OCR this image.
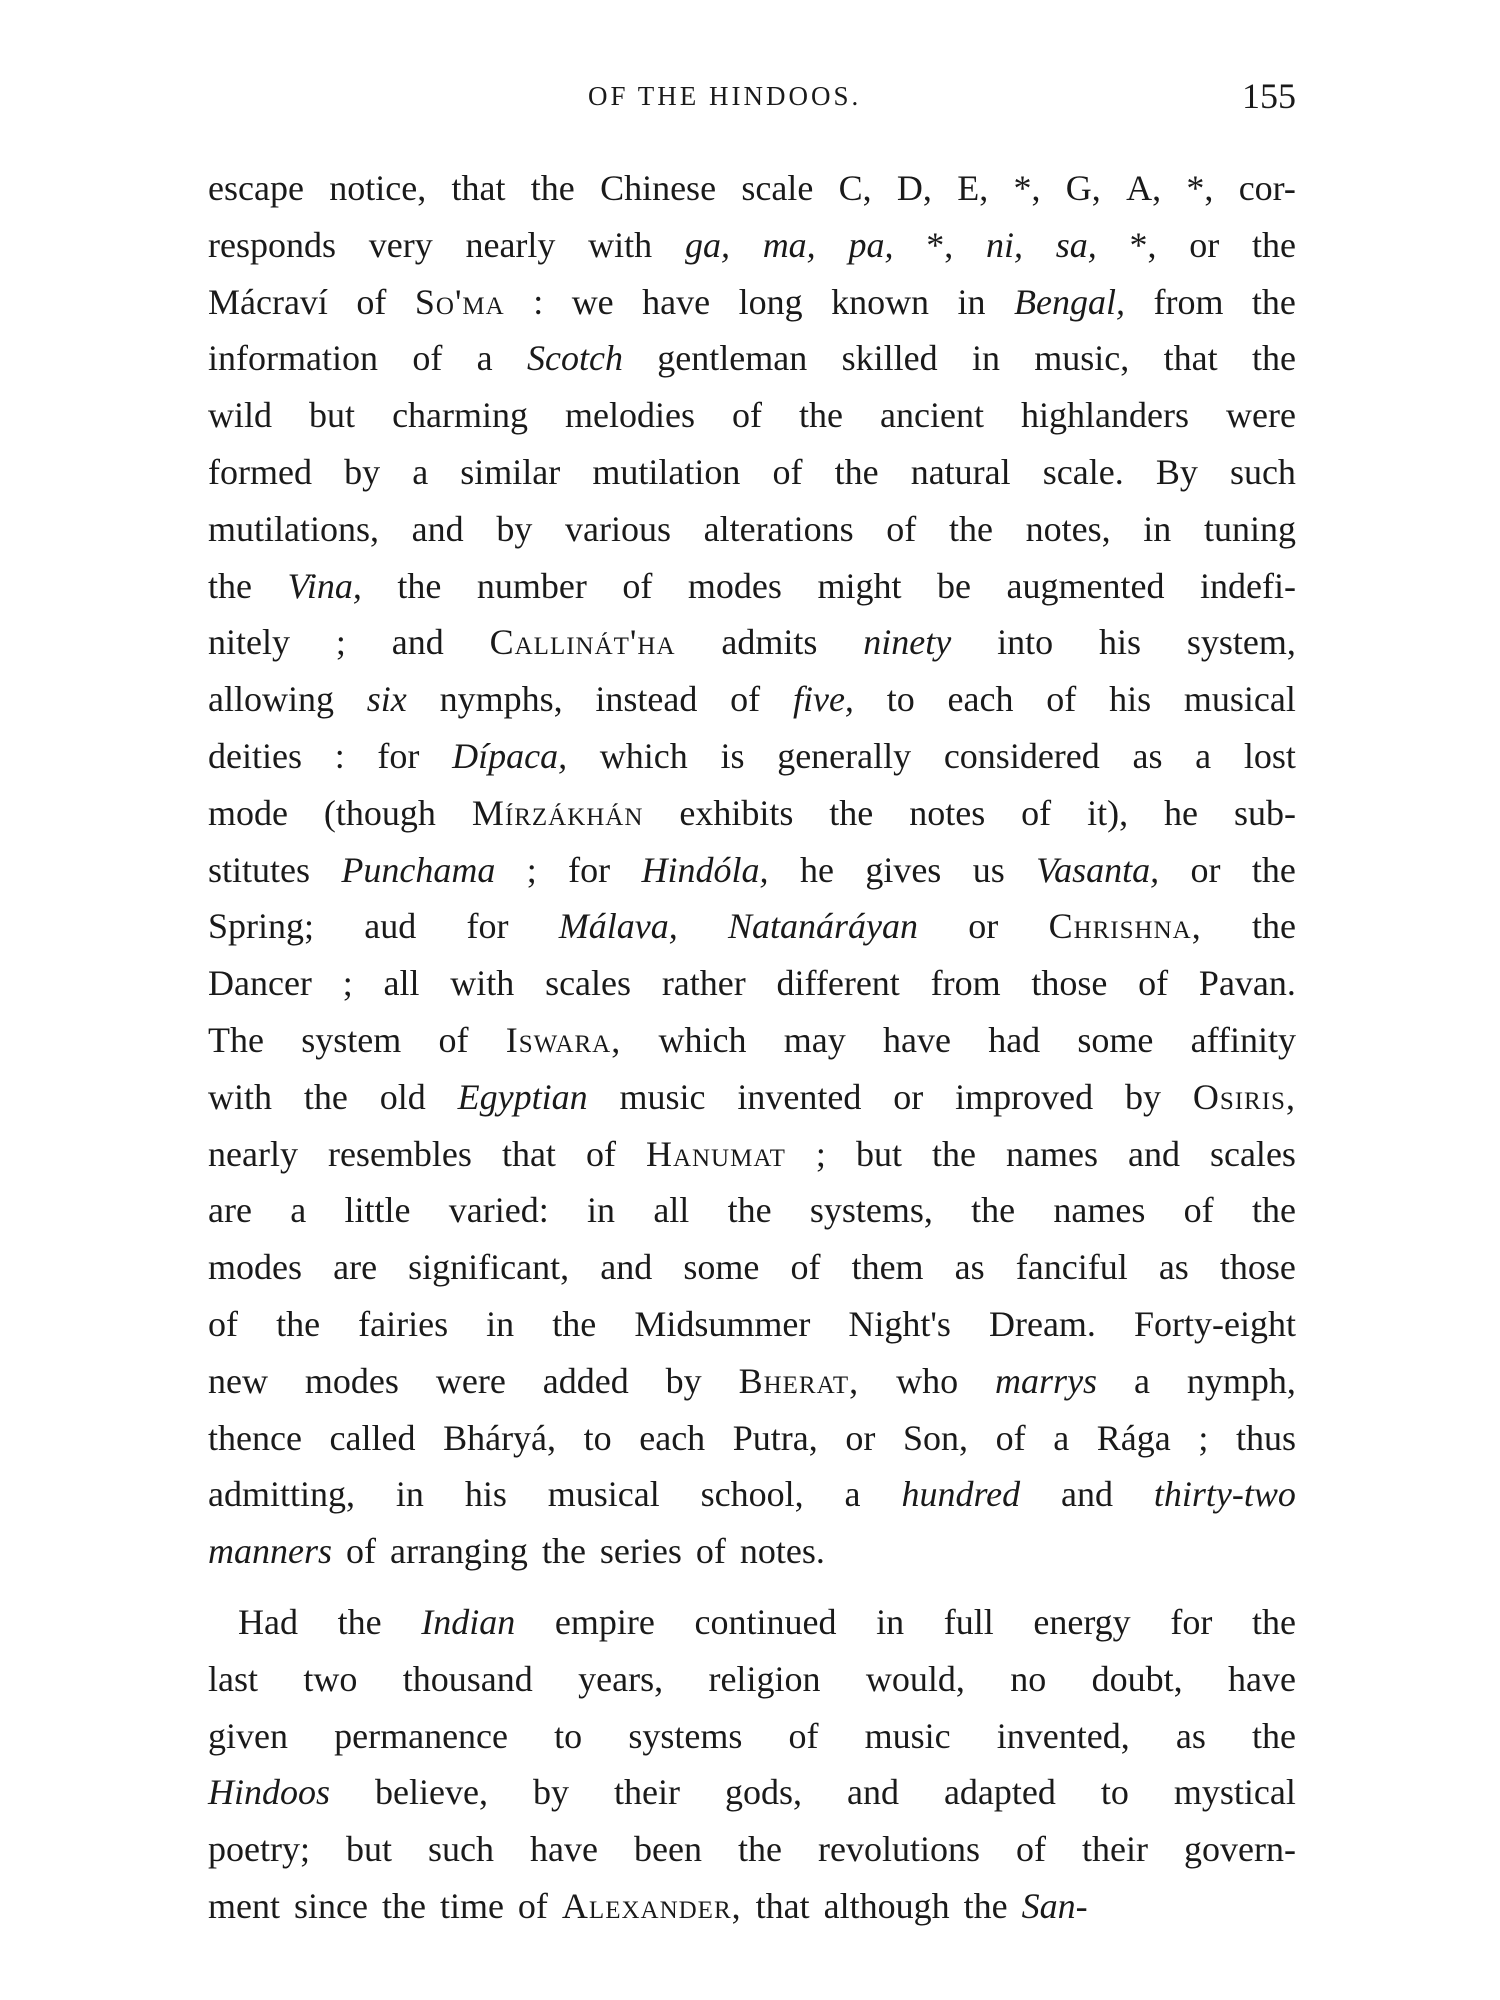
OF THE HINDOOS.	155
escape notice, that the Chinese scale C, D, E, *, G, A, *, cor-
responds very nearly with ga, ma, pa, *, ni, sa, *, or the
Mácraví of So'ma : we have long known in Bengal, from the
information of a Scotch gentleman skilled in music, that the
wild but charming melodies of the ancient highlanders were
formed by a similar mutilation of the natural scale. By such
mutilations, and by various alterations of the notes, in tuning
the Vina, the number of modes might be augmented indefi-
nitely ; and Callinát'ha admits ninety into his system,
allowing six nymphs, instead of five, to each of his musical
deities : for Dípaca, which is generally considered as a lost
mode (though Mírzákhán exhibits the notes of it), he sub-
stitutes Punchama ; for Hindóla, he gives us Vasanta, or the
Spring; aud for Málava, Natanáráyan or Chrishna, the
Dancer ; all with scales rather different from those of Pavan.
The system of Iswara, which may have had some affinity
with the old Egyptian music invented or improved by Osiris,
nearly resembles that of Hanumat ; but the names and scales
are a little varied: in all the systems, the names of the
modes are significant, and some of them as fanciful as those
of the fairies in the Midsummer Night's Dream. Forty-eight
new modes were added by Bherat, who marrys a nymph,
thence called Bháryá, to each Putra, or Son, of a Rága ; thus
admitting, in his musical school, a hundred and thirty-two
manners of arranging the series of notes.
Had the Indian empire continued in full energy for the
last two thousand years, religion would, no doubt, have
given permanence to systems of music invented, as the
Hindoos believe, by their gods, and adapted to mystical
poetry; but such have been the revolutions of their govern-
ment since the time of Alexander, that although the San-
